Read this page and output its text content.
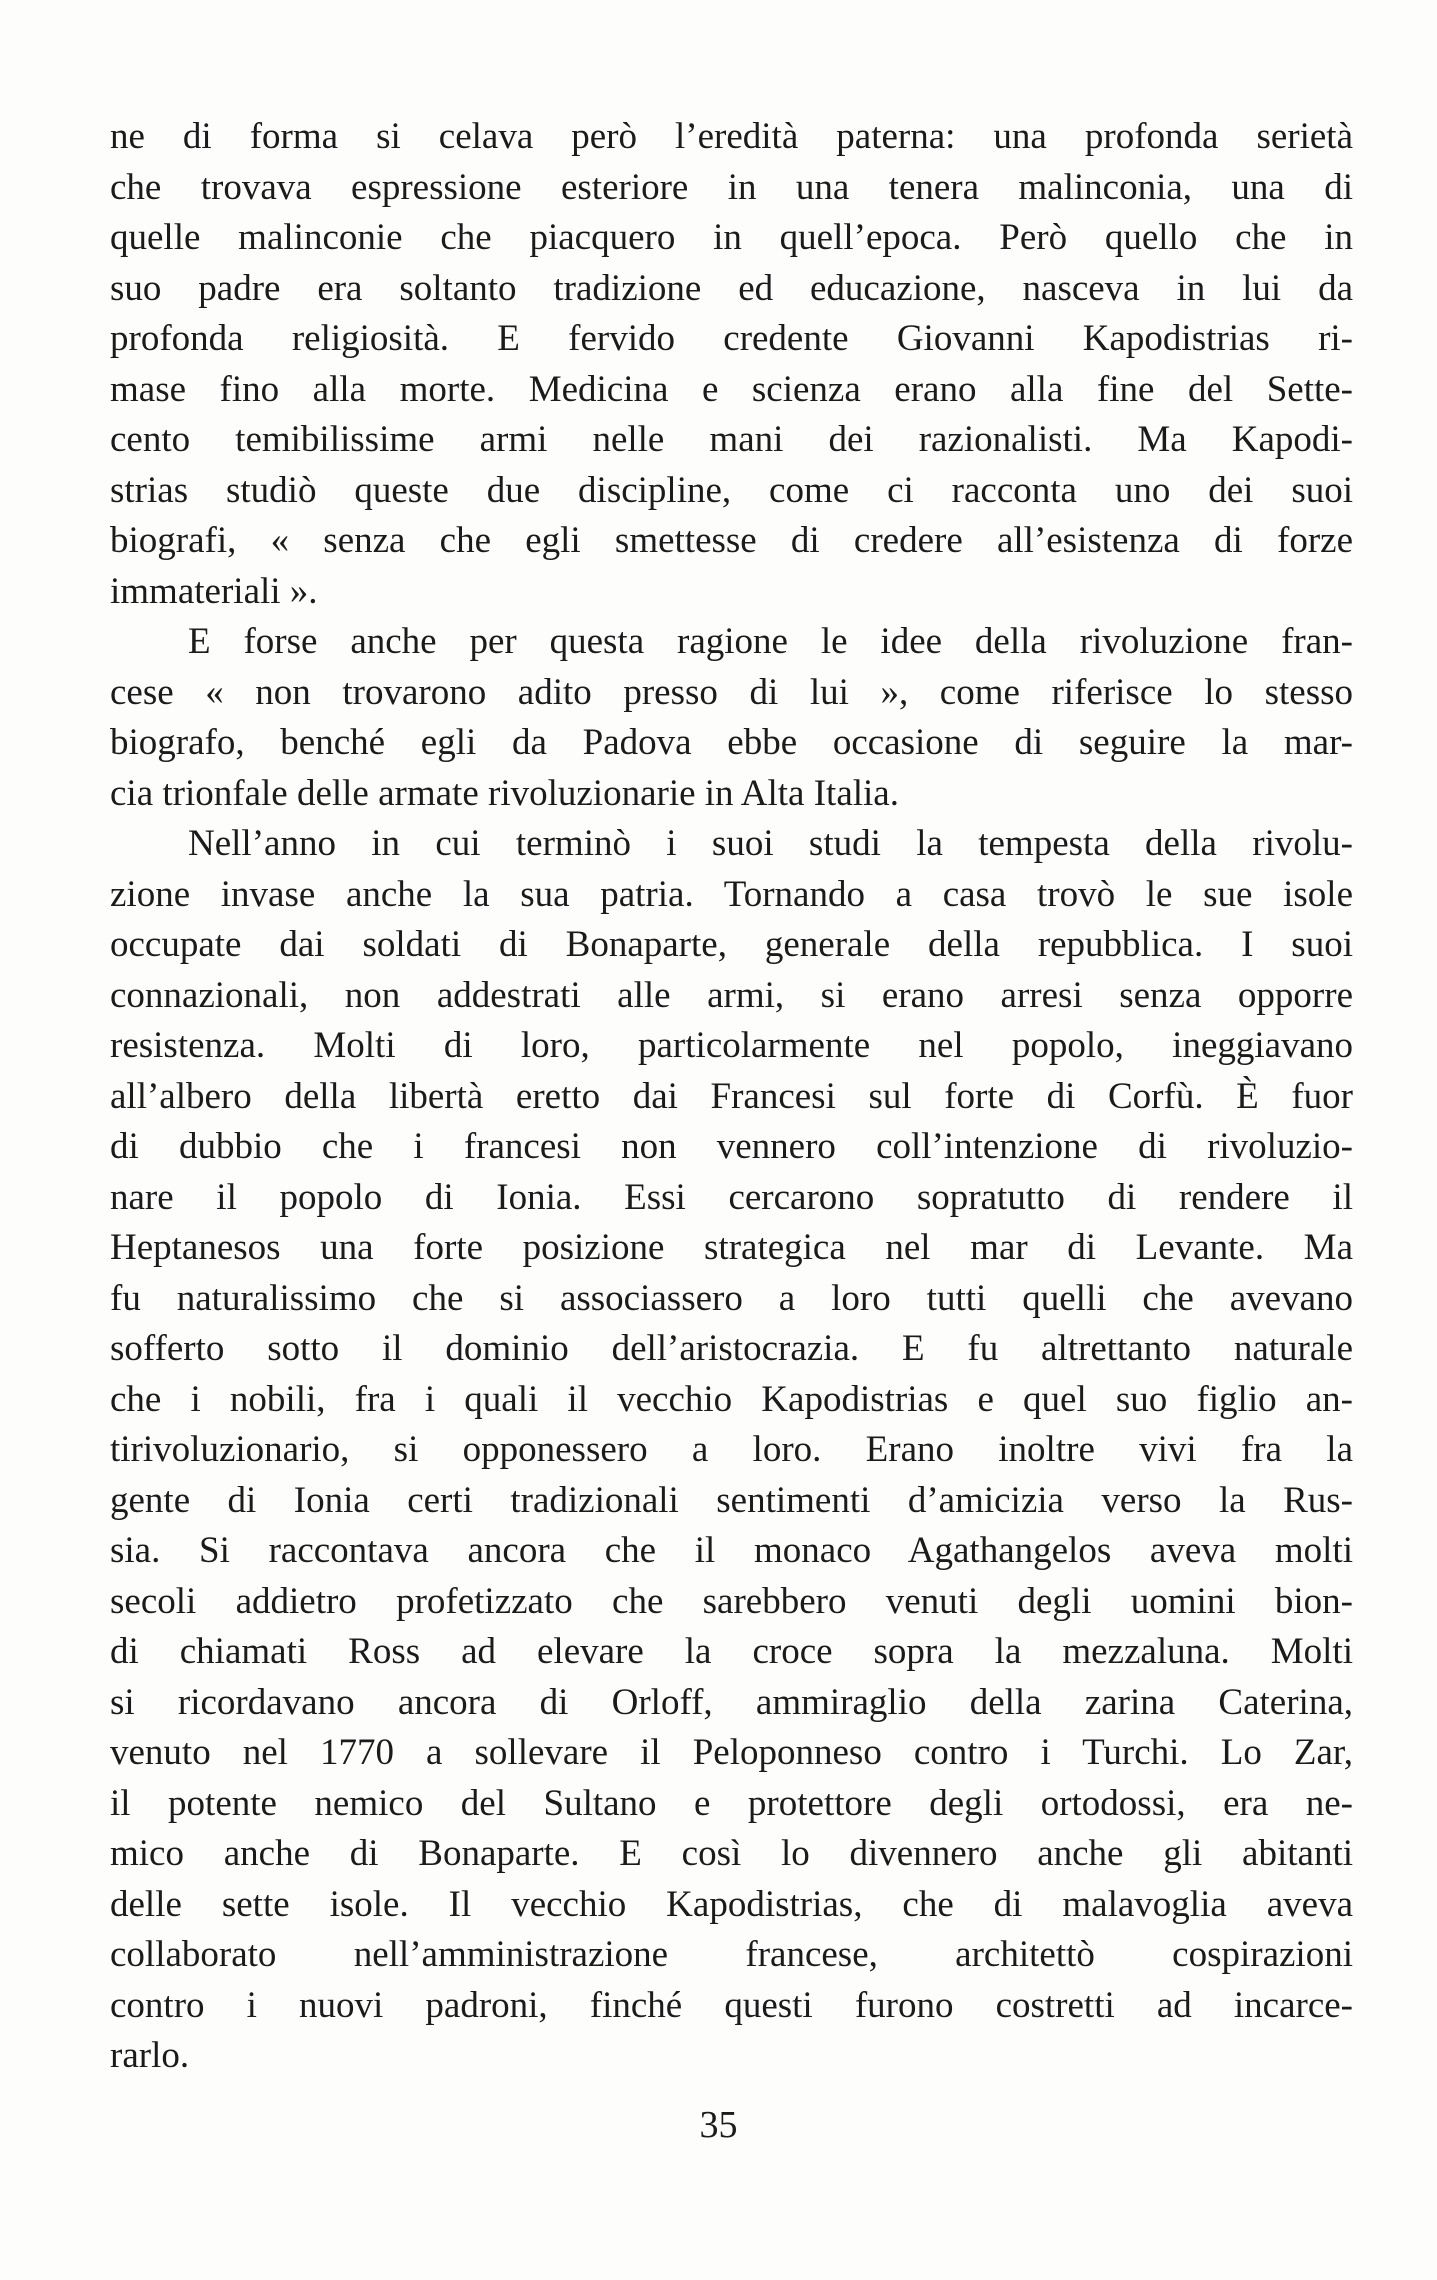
ne di forma si celava però l’eredità paterna: una profonda serietà
che trovava espressione esteriore in una tenera malinconia, una di
quelle malinconie che piacquero in quell’epoca. Però quello che in
suo padre era soltanto tradizione ed educazione, nasceva in lui da
profonda religiosità. E fervido credente Giovanni Kapodistrias ri-
mase fino alla morte. Medicina e scienza erano alla fine del Sette-
cento temibilissime armi nelle mani dei razionalisti. Ma Kapodi-
strias studiò queste due discipline, come ci racconta uno dei suoi
biografi, « senza che egli smettesse di credere all’esistenza di forze
immateriali ».

E forse anche per questa ragione le idee della rivoluzione fran-
cese « non trovarono adito presso di lui », come riferisce lo stesso
biografo, benché egli da Padova ebbe occasione di seguire la mar-
cia trionfale delle armate rivoluzionarie in Alta Italia.

Nell’anno in cui terminò i suoi studi la tempesta della rivolu-
zione invase anche la sua patria. Tornando a casa trovò le sue isole
occupate dai soldati di Bonaparte, generale della repubblica. I suoi
connazionali, non addestrati alle armi, si erano arresi senza opporre
resistenza. Molti di loro, particolarmente nel popolo, ineggiavano
all’albero della libertà eretto dai Francesi sul forte di Corfù. È fuor
di dubbio che i francesi non vennero coll’intenzione di rivoluzio-
nare il popolo di Ionia. Essi cercarono sopratutto di rendere il
Heptanesos una forte posizione strategica nel mar di Levante. Ma
fu naturalissimo che si associassero a loro tutti quelli che avevano
sofferto sotto il dominio dell’aristocrazia. E fu altrettanto naturale
che i nobili, fra i quali il vecchio Kapodistrias e quel suo figlio an-
tirivoluzionario, si opponessero a loro. Erano inoltre vivi fra la
gente di Ionia certi tradizionali sentimenti d’amicizia verso la Rus-
sia. Si raccontava ancora che il monaco Agathangelos aveva molti
secoli addietro profetizzato che sarebbero venuti degli uomini bion-
di chiamati Ross ad elevare la croce sopra la mezzaluna. Molti
si ricordavano ancora di Orloff, ammiraglio della zarina Caterina,
venuto nel 1770 a sollevare il Peloponneso contro i Turchi. Lo Zar,
il potente nemico del Sultano e protettore degli ortodossi, era ne-
mico anche di Bonaparte. E così lo divennero anche gli abitanti
delle sette isole. Il vecchio Kapodistrias, che di malavoglia aveva
collaborato nell’amministrazione francese, architettò cospirazioni
contro i nuovi padroni, finché questi furono costretti ad incarce-
rarlo.

35
